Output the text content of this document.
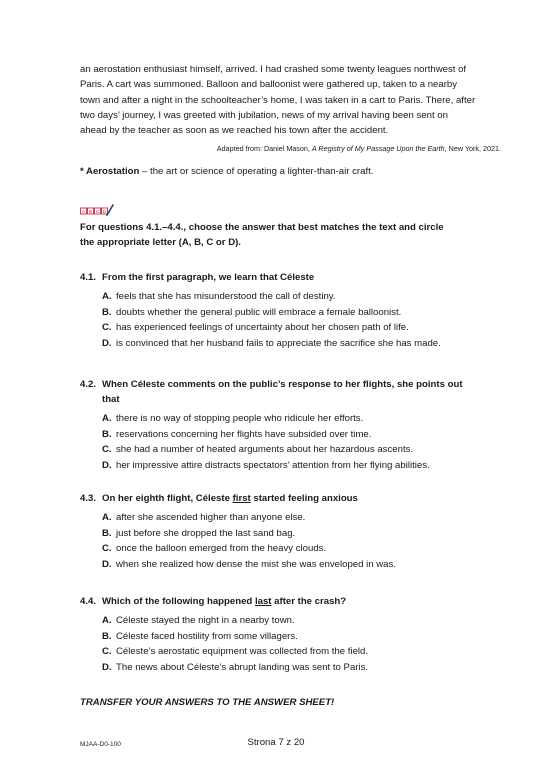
an aerostation enthusiast himself, arrived. I had crashed some twenty leagues northwest of
Paris. A cart was summoned. Balloon and balloonist were gathered up, taken to a nearby
town and after a night in the schoolteacher’s home, I was taken in a cart to Paris. There, after
two days’ journey, I was greeted with jubilation, news of my arrival having been sent on
ahead by the teacher as soon as we reached his town after the accident.
Adapted from: Daniel Mason, A Registry of My Passage Upon the Earth, New York, 2021.
* Aerostation – the art or science of operating a lighter-than-air craft.
A B C D
For questions 4.1.–4.4., choose the answer that best matches the text and circle
the appropriate letter (A, B, C or D).
4.1. From the first paragraph, we learn that Céleste
A. feels that she has misunderstood the call of destiny.
B. doubts whether the general public will embrace a female balloonist.
C. has experienced feelings of uncertainty about her chosen path of life.
D. is convinced that her husband fails to appreciate the sacrifice she has made.
4.2. When Céleste comments on the public’s response to her flights, she points out
that
A. there is no way of stopping people who ridicule her efforts.
B. reservations concerning her flights have subsided over time.
C. she had a number of heated arguments about her hazardous ascents.
D. her impressive attire distracts spectators’ attention from her flying abilities.
4.3. On her eighth flight, Céleste first started feeling anxious
A. after she ascended higher than anyone else.
B. just before she dropped the last sand bag.
C. once the balloon emerged from the heavy clouds.
D. when she realized how dense the mist she was enveloped in was.
4.4. Which of the following happened last after the crash?
A. Céleste stayed the night in a nearby town.
B. Céleste faced hostility from some villagers.
C. Céleste’s aerostatic equipment was collected from the field.
D. The news about Céleste’s abrupt landing was sent to Paris.
TRANSFER YOUR ANSWERS TO THE ANSWER SHEET!
MJAA-D0-100	Strona 7 z 20
